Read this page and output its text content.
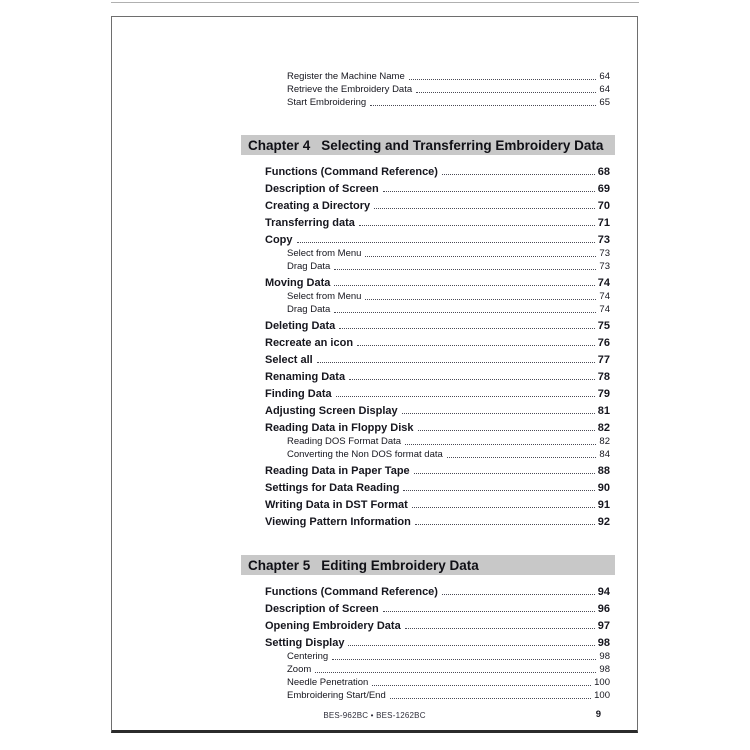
Register the Machine Name	64
Retrieve the Embroidery Data	64
Start Embroidering	65
Chapter 4 Selecting and Transferring Embroidery Data
Functions (Command Reference)	68
Description of Screen	69
Creating a Directory	70
Transferring data	71
Copy	73
Select from Menu	73
Drag Data	73
Moving Data	74
Select from Menu	74
Drag Data	74
Deleting Data	75
Recreate an icon	76
Select all	77
Renaming Data	78
Finding Data	79
Adjusting Screen Display	81
Reading Data in Floppy Disk	82
Reading DOS Format Data	82
Converting the Non DOS format data	84
Reading Data in Paper Tape	88
Settings for Data Reading	90
Writing Data in DST Format	91
Viewing Pattern Information	92
Chapter 5 Editing Embroidery Data
Functions (Command Reference)	94
Description of Screen	96
Opening Embroidery Data	97
Setting Display	98
Centering	98
Zoom	98
Needle Penetration	100
Embroidering Start/End	100
BES-962BC • BES-1262BC	9
